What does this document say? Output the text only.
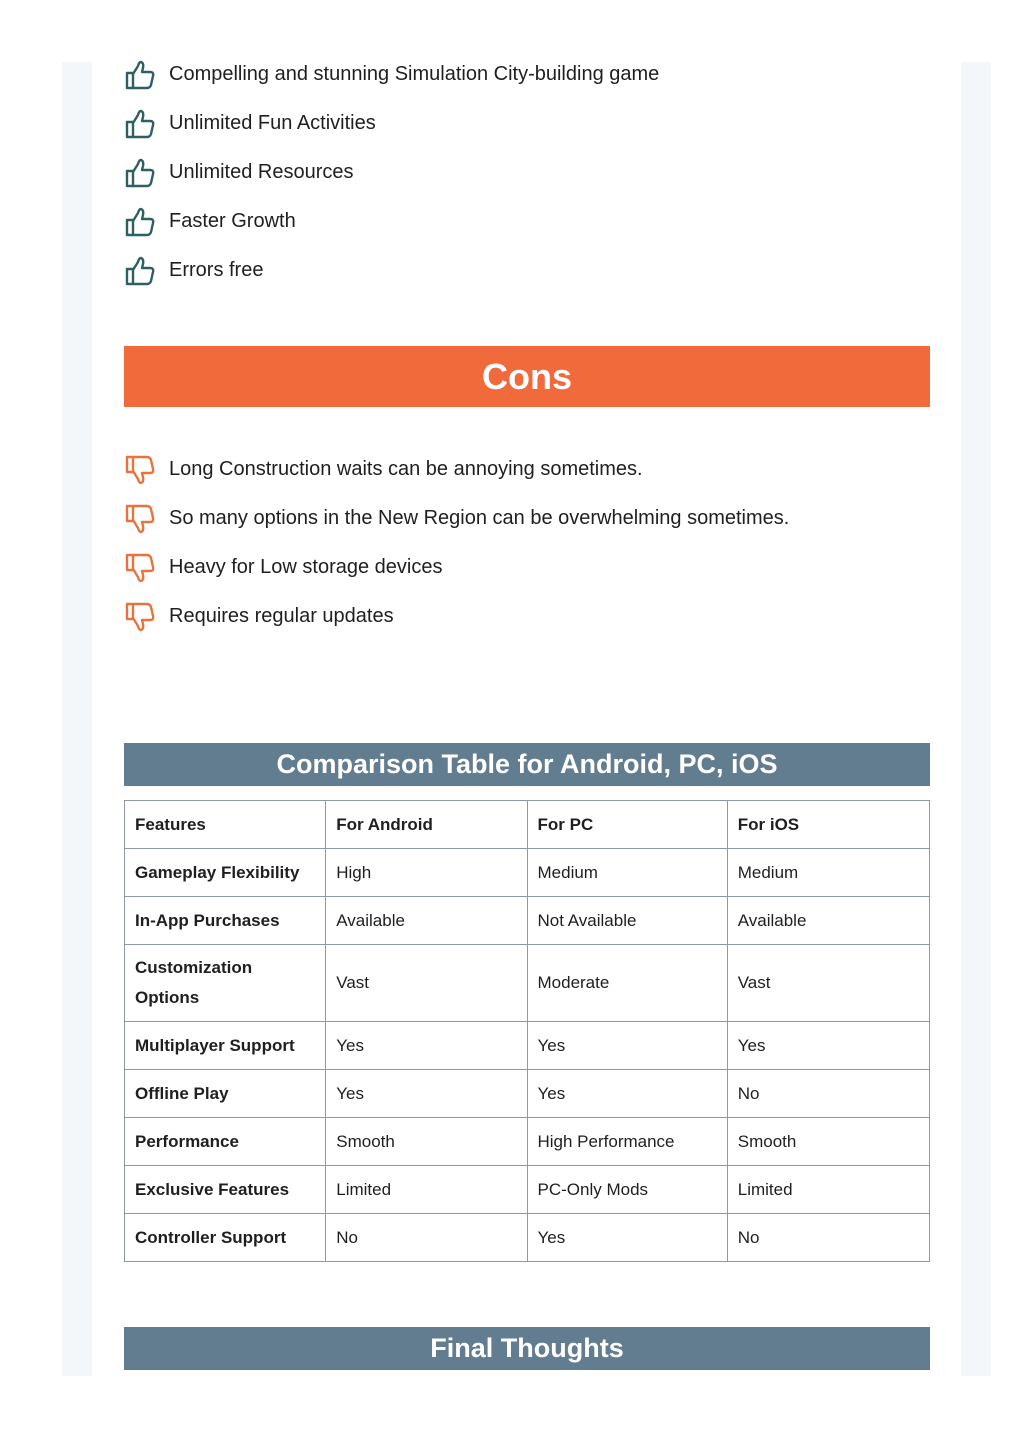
Compelling and stunning Simulation City-building game
Unlimited Fun Activities
Unlimited Resources
Faster Growth
Errors free
Cons
Long Construction waits can be annoying sometimes.
So many options in the New Region can be overwhelming sometimes.
Heavy for Low storage devices
Requires regular updates
Comparison Table for Android, PC, iOS
Features	For Android	For PC	For iOS
Gameplay Flexibility	High	Medium	Medium
In-App Purchases	Available	Not Available	Available
Customization Options	Vast	Moderate	Vast
Multiplayer Support	Yes	Yes	Yes
Offline Play	Yes	Yes	No
Performance	Smooth	High Performance	Smooth
Exclusive Features	Limited	PC-Only Mods	Limited
Controller Support	No	Yes	No
Final Thoughts
